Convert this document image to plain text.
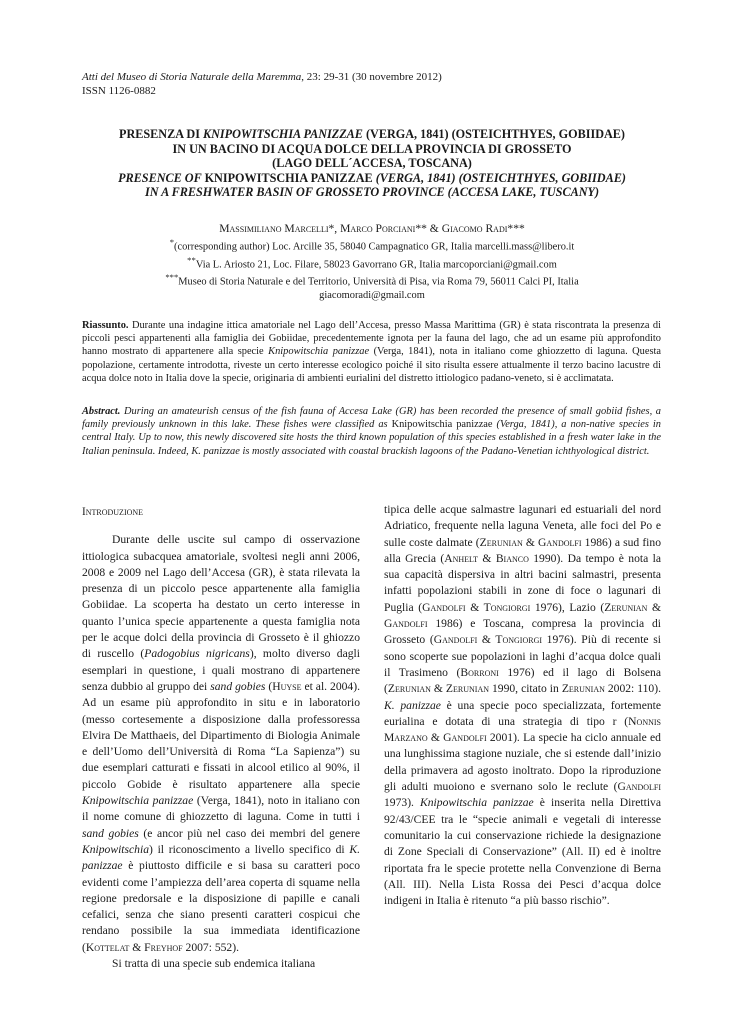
Atti del Museo di Storia Naturale della Maremma, 23: 29-31 (30 novembre 2012)
ISSN 1126-0882
PRESENZA DI KNIPOWITSCHIA PANIZZAE (VERGA, 1841) (OSTEICHTHYES, GOBIIDAE)
IN UN BACINO DI ACQUA DOLCE DELLA PROVINCIA DI GROSSETO
(LAGO DELL´ACCESA, TOSCANA)
PRESENCE OF KNIPOWITSCHIA PANIZZAE (VERGA, 1841) (OSTEICHTHYES, GOBIIDAE)
IN A FRESHWATER BASIN OF GROSSETO PROVINCE (ACCESA LAKE, TUSCANY)
Massimiliano Marcelli*, Marco Porciani** & Giacomo Radi***
*(corresponding author) Loc. Arcille 35, 58040 Campagnatico GR, Italia marcelli.mass@libero.it
**Via L. Ariosto 21, Loc. Filare, 58023 Gavorrano GR, Italia marcoporciani@gmail.com
***Museo di Storia Naturale e del Territorio, Università di Pisa, via Roma 79, 56011 Calci PI, Italia
giacomoradi@gmail.com
Riassunto. Durante una indagine ittica amatoriale nel Lago dell’Accesa, presso Massa Marittima (GR) è stata riscontrata la presenza di piccoli pesci appartenenti alla famiglia dei Gobiidae, precedentemente ignota per la fauna del lago, che ad un esame più approfondito hanno mostrato di appartenere alla specie Knipowitschia panizzae (Verga, 1841), nota in italiano come ghiozzetto di laguna. Questa popolazione, certamente introdotta, riveste un certo interesse ecologico poiché il sito risulta essere attualmente il terzo bacino lacustre di acqua dolce noto in Italia dove la specie, originaria di ambienti eurialini del distretto ittiologico padano-veneto, si è acclimatata.
Abstract. During an amateurish census of the fish fauna of Accesa Lake (GR) has been recorded the presence of small gobiid fishes, a family previously unknown in this lake. These fishes were classified as Knipowitschia panizzae (Verga, 1841), a non-native species in central Italy. Up to now, this newly discovered site hosts the third known population of this species established in a fresh water lake in the Italian peninsula. Indeed, K. panizzae is mostly associated with coastal brackish lagoons of the Padano-Venetian ichthyological district.
Introduzione

Durante delle uscite sul campo di osservazione ittiologica subacquea amatoriale, svoltesi negli anni 2006, 2008 e 2009 nel Lago dell’Accesa (GR), è stata rilevata la presenza di un piccolo pesce appartenente alla famiglia Gobiidae. La scoperta ha destato un certo interesse in quanto l’unica specie appartenente a questa famiglia nota per le acque dolci della provincia di Grosseto è il ghiozzo di ruscello (Padogobius nigricans), molto diverso dagli esemplari in questione, i quali mostrano di appartenere senza dubbio al gruppo dei sand gobies (Huyse et al. 2004). Ad un esame più approfondito in situ e in laboratorio (messo cortesemente a disposizione dalla professoressa Elvira De Matthaeis, del Dipartimento di Biologia Animale e dell’Uomo dell’Università di Roma “La Sapienza”) su due esemplari catturati e fissati in alcool etilico al 90%, il piccolo Gobide è risultato appartenere alla specie Knipowitschia panizzae (Verga, 1841), noto in italiano con il nome comune di ghiozzetto di laguna. Come in tutti i sand gobies (e ancor più nel caso dei membri del genere Knipowitschia) il riconoscimento a livello specifico di K. panizzae è piuttosto difficile e si basa su caratteri poco evidenti come l’ampiezza dell’area coperta di squame nella regione predorsale e la disposizione di papille e canali cefalici, senza che siano presenti caratteri cospicui che rendano possibile la sua immediata identificazione (Kottelat & Freyhof 2007: 552).

Si tratta di una specie sub endemica italiana

tipica delle acque salmastre lagunari ed estuariali del nord Adriatico, frequente nella laguna Veneta, alle foci del Po e sulle coste dalmate (Zerunian & Gandolfi 1986) a sud fino alla Grecia (Anhelt & Bianco 1990). Da tempo è nota la sua capacità dispersiva in altri bacini salmastri, presenta infatti popolazioni stabili in zone di foce o lagunari di Puglia (Gandolfi & Tongiorgi 1976), Lazio (Zerunian & Gandolfi 1986) e Toscana, compresa la provincia di Grosseto (Gandolfi & Tongiorgi 1976). Più di recente si sono scoperte sue popolazioni in laghi d’acqua dolce quali il Trasimeno (Borroni 1976) ed il lago di Bolsena (Zerunian & Zerunian 1990, citato in Zerunian 2002: 110). K. panizzae è una specie poco specializzata, fortemente eurialina e dotata di una strategia di tipo r (Nonnis Marzano & Gandolfi 2001). La specie ha ciclo annuale ed una lunghissima stagione nuziale, che si estende dall’inizio della primavera ad agosto inoltrato. Dopo la riproduzione gli adulti muoiono e svernano solo le reclute (Gandolfi 1973). Knipowitschia panizzae è inserita nella Direttiva 92/43/CEE tra le “specie animali e vegetali di interesse comunitario la cui conservazione richiede la designazione di Zone Speciali di Conservazione” (All. II) ed è inoltre riportata fra le specie protette nella Convenzione di Berna (All. III). Nella Lista Rossa dei Pesci d’acqua dolce indigeni in Italia è ritenuto “a più basso rischio”.
